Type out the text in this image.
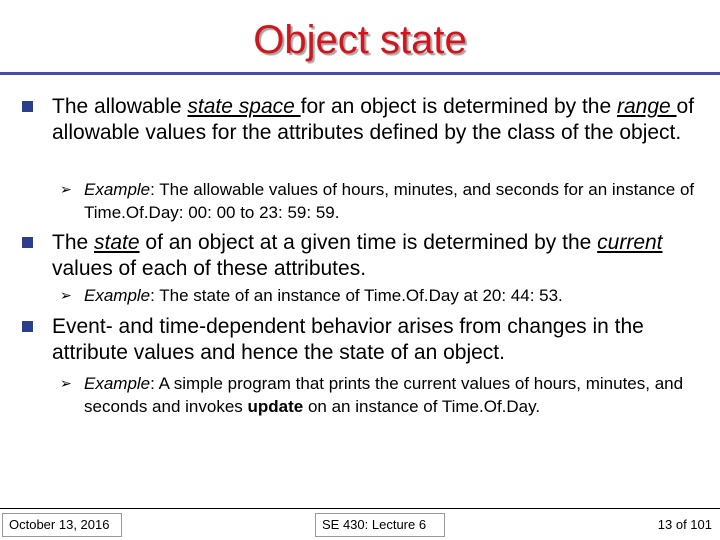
Object state
The allowable state space for an object is determined by the range of allowable values for the attributes defined by the class of the object.
➢ Example: The allowable values of hours, minutes, and seconds for an instance of Time.Of.Day: 00: 00 to 23: 59: 59.
The state of an object at a given time is determined by the current values of each of these attributes.
➢ Example: The state of an instance of Time.Of.Day at 20: 44: 53.
Event- and time-dependent behavior arises from changes in the attribute values and hence the state of an object.
➢ Example: A simple program that prints the current values of hours, minutes, and seconds and invokes update on an instance of Time.Of.Day.
October 13, 2016	SE 430: Lecture 6	13 of 101
